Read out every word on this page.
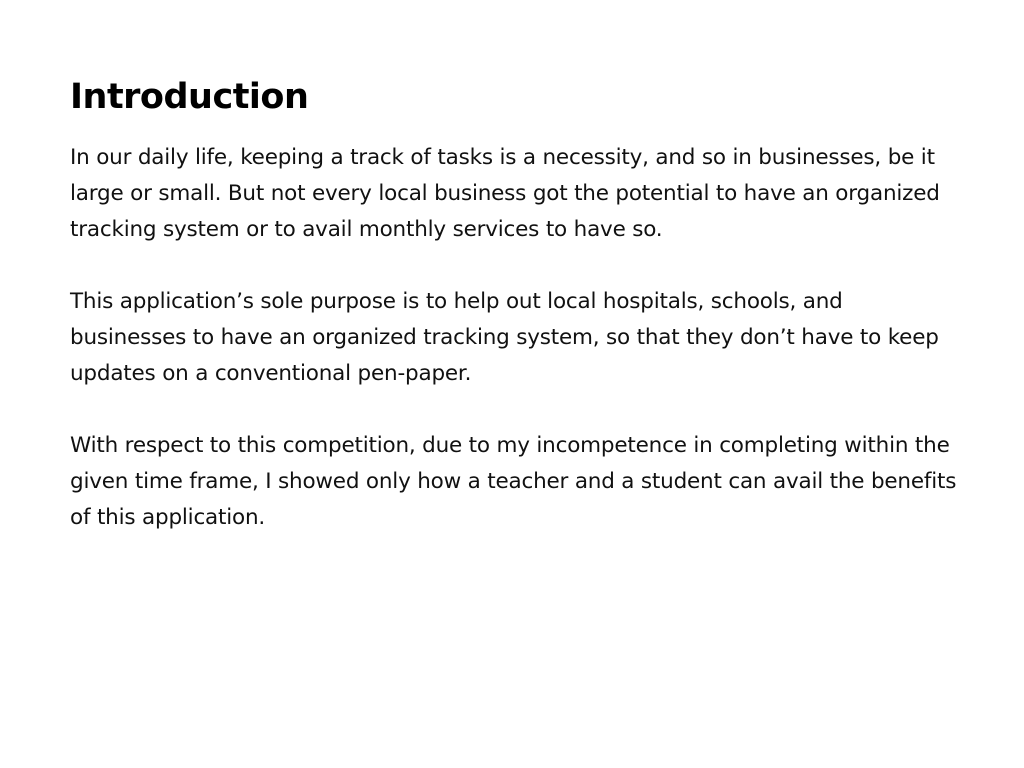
Introduction

In our daily life, keeping a track of tasks is a necessity, and so in businesses, be it large or small. But not every local business got the potential to have an organized tracking system or to avail monthly services to have so.

This application’s sole purpose is to help out local hospitals, schools, and businesses to have an organized tracking system, so that they don’t have to keep updates on a conventional pen-paper.

With respect to this competition, due to my incompetence in completing within the given time frame, I showed only how a teacher and a student can avail the benefits of this application.
